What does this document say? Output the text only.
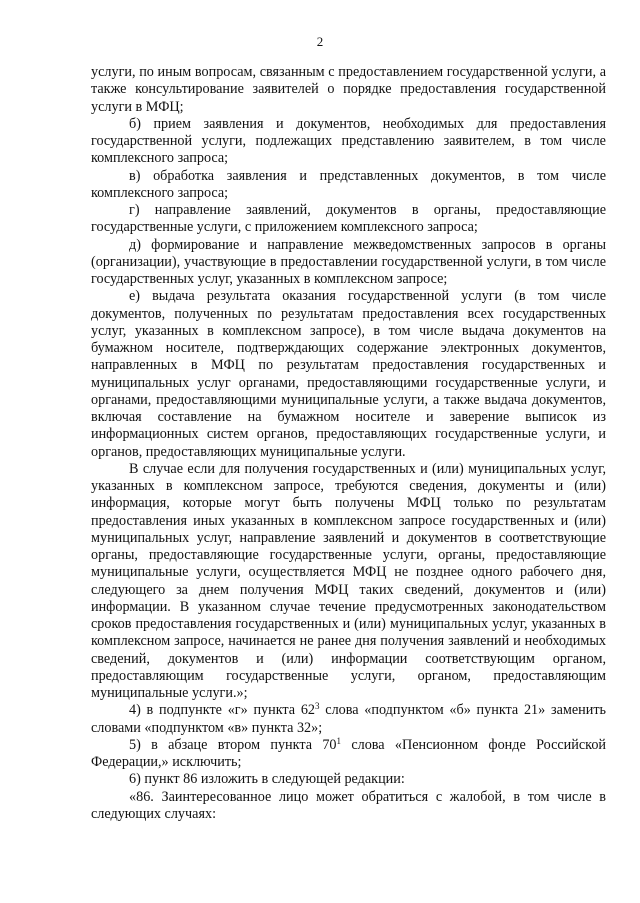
2

услуги, по иным вопросам, связанным с предоставлением государственной услуги, а также консультирование заявителей о порядке предоставления государственной услуги в МФЦ;

б) прием заявления и документов, необходимых для предоставления государственной услуги, подлежащих представлению заявителем, в том числе комплексного запроса;

в) обработка заявления и представленных документов, в том числе комплексного запроса;

г) направление заявлений, документов в органы, предоставляющие государственные услуги, с приложением комплексного запроса;

д) формирование и направление межведомственных запросов в органы (организации), участвующие в предоставлении государственной услуги, в том числе государственных услуг, указанных в комплексном запросе;

е) выдача результата оказания государственной услуги (в том числе документов, полученных по результатам предоставления всех государственных услуг, указанных в комплексном запросе), в том числе выдача документов на бумажном носителе, подтверждающих содержание электронных документов, направленных в МФЦ по результатам предоставления государственных и муниципальных услуг органами, предоставляющими государственные услуги, и органами, предоставляющими муниципальные услуги, а также выдача документов, включая составление на бумажном носителе и заверение выписок из информационных систем органов, предоставляющих государственные услуги, и органов, предоставляющих муниципальные услуги.

В случае если для получения государственных и (или) муниципальных услуг, указанных в комплексном запросе, требуются сведения, документы и (или) информация, которые могут быть получены МФЦ только по результатам предоставления иных указанных в комплексном запросе государственных и (или) муниципальных услуг, направление заявлений и документов в соответствующие органы, предоставляющие государственные услуги, органы, предоставляющие муниципальные услуги, осуществляется МФЦ не позднее одного рабочего дня, следующего за днем получения МФЦ таких сведений, документов и (или) информации. В указанном случае течение предусмотренных законодательством сроков предоставления государственных и (или) муниципальных услуг, указанных в комплексном запросе, начинается не ранее дня получения заявлений и необходимых сведений, документов и (или) информации соответствующим органом, предоставляющим государственные услуги, органом, предоставляющим муниципальные услуги.»;

4) в подпункте «г» пункта $62^3$ слова «подпунктом «б» пункта 21» заменить словами «подпунктом «в» пункта 32»;

5) в абзаце втором пункта $70^1$ слова «Пенсионном фонде Российской Федерации,» исключить;

6) пункт 86 изложить в следующей редакции:

«86. Заинтересованное лицо может обратиться с жалобой, в том числе в следующих случаях:
